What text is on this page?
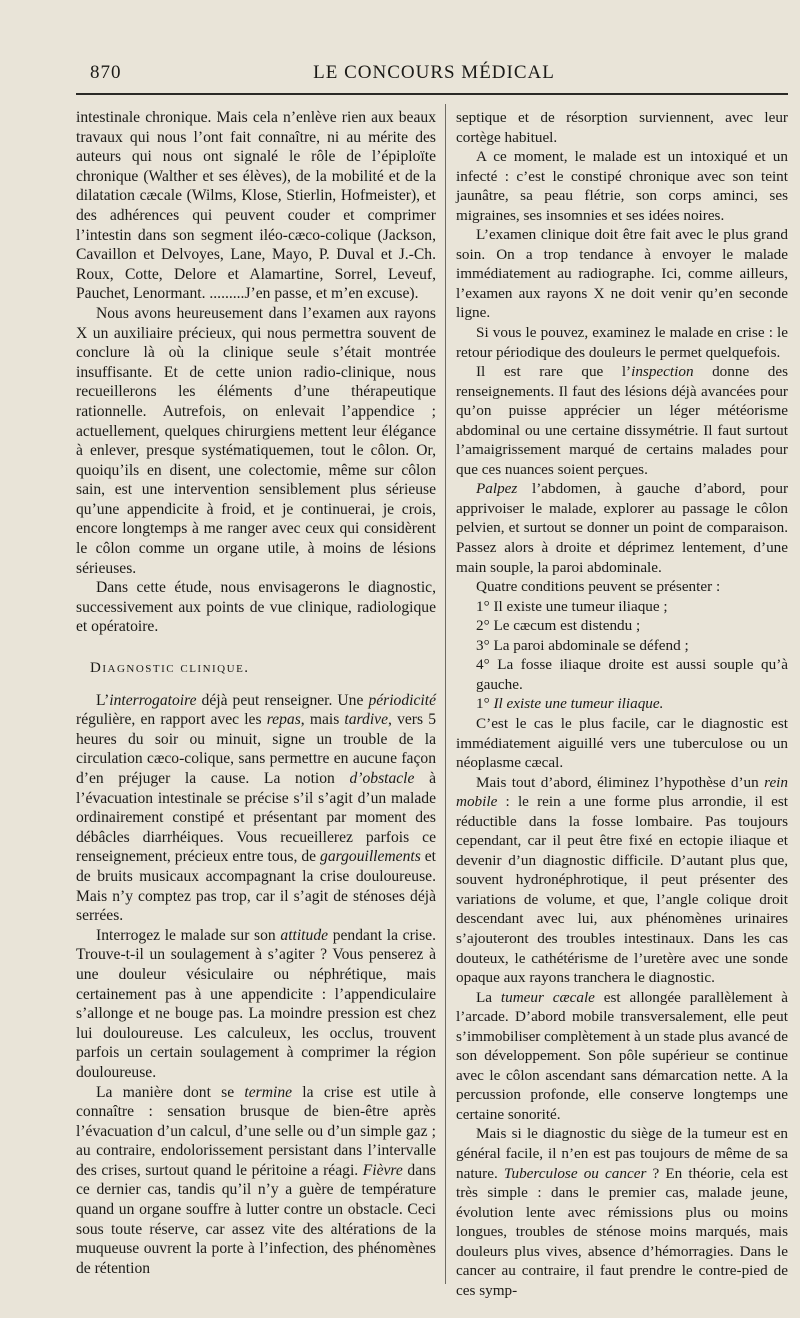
870	LE CONCOURS MÉDICAL

intestinale chronique. Mais cela n’enlève rien aux beaux travaux qui nous l’ont fait connaître, ni au mérite des auteurs qui nous ont signalé le rôle de l’épiploïte chronique (Walther et ses élèves), de la mobilité et de la dilatation cæcale (Wilms, Klose, Stierlin, Hofmeister), et des adhérences qui peuvent couder et comprimer l’intestin dans son segment iléo-cæco-colique (Jackson, Cavaillon et Delvoyes, Lane, Mayo, P. Duval et J.-Ch. Roux, Cotte, Delore et Alamartine, Sorrel, Leveuf, Pauchet, Lenormant. .........J’en passe, et m’en excuse).

Nous avons heureusement dans l’examen aux rayons X un auxiliaire précieux, qui nous permettra souvent de conclure là où la clinique seule s’était montrée insuffisante. Et de cette union radio-clinique, nous recueillerons les éléments d’une thérapeutique rationnelle. Autrefois, on enlevait l’appendice ; actuellement, quelques chirurgiens mettent leur élégance à enlever, presque systématiquemen, tout le côlon. Or, quoiqu’ils en disent, une colectomie, même sur côlon sain, est une intervention sensiblement plus sérieuse qu’une appendicite à froid, et je continuerai, je crois, encore longtemps à me ranger avec ceux qui considèrent le côlon comme un organe utile, à moins de lésions sérieuses.

Dans cette étude, nous envisagerons le diagnostic, successivement aux points de vue clinique, radiologique et opératoire.

Diagnostic clinique.

L’interrogatoire déjà peut renseigner. Une périodicité régulière, en rapport avec les repas, mais tardive, vers 5 heures du soir ou minuit, signe un trouble de la circulation cæco-colique, sans permettre en aucune façon d’en préjuger la cause. La notion d’obstacle à l’évacuation intestinale se précise s’il s’agit d’un malade ordinairement constipé et présentant par moment des débâcles diarrhéiques. Vous recueillerez parfois ce renseignement, précieux entre tous, de gargouillements et de bruits musicaux accompagnant la crise douloureuse. Mais n’y comptez pas trop, car il s’agit de sténoses déjà serrées.

Interrogez le malade sur son attitude pendant la crise. Trouve-t-il un soulagement à s’agiter ? Vous penserez à une douleur vésiculaire ou néphrétique, mais certainement pas à une appendicite : l’appendiculaire s’allonge et ne bouge pas. La moindre pression est chez lui douloureuse. Les calculeux, les occlus, trouvent parfois un certain soulagement à comprimer la région douloureuse.

La manière dont se termine la crise est utile à connaître : sensation brusque de bien-être après l’évacuation d’un calcul, d’une selle ou d’un simple gaz ; au contraire, endolorissement persistant dans l’intervalle des crises, surtout quand le péritoine a réagi. Fièvre dans ce dernier cas, tandis qu’il n’y a guère de température quand un organe souffre à lutter contre un obstacle. Ceci sous toute réserve, car assez vite des altérations de la muqueuse ouvrent la porte à l’infection, des phénomènes de rétention

septique et de résorption surviennent, avec leur cortège habituel.

A ce moment, le malade est un intoxiqué et un infecté : c’est le constipé chronique avec son teint jaunâtre, sa peau flétrie, son corps aminci, ses migraines, ses insomnies et ses idées noires.

L’examen clinique doit être fait avec le plus grand soin. On a trop tendance à envoyer le malade immédiatement au radiographe. Ici, comme ailleurs, l’examen aux rayons X ne doit venir qu’en seconde ligne.

Si vous le pouvez, examinez le malade en crise : le retour périodique des douleurs le permet quelquefois.

Il est rare que l’inspection donne des renseignements. Il faut des lésions déjà avancées pour qu’on puisse apprécier un léger météorisme abdominal ou une certaine dissymétrie. Il faut surtout l’amaigrissement marqué de certains malades pour que ces nuances soient perçues.

Palpez l’abdomen, à gauche d’abord, pour apprivoiser le malade, explorer au passage le côlon pelvien, et surtout se donner un point de comparaison. Passez alors à droite et déprimez lentement, d’une main souple, la paroi abdominale.

Quatre conditions peuvent se présenter :

1° Il existe une tumeur iliaque ;

2° Le cæcum est distendu ;

3° La paroi abdominale se défend ;

4° La fosse iliaque droite est aussi souple qu’à gauche.

1° Il existe une tumeur iliaque.

C’est le cas le plus facile, car le diagnostic est immédiatement aiguillé vers une tuberculose ou un néoplasme cæcal.

Mais tout d’abord, éliminez l’hypothèse d’un rein mobile : le rein a une forme plus arrondie, il est réductible dans la fosse lombaire. Pas toujours cependant, car il peut être fixé en ectopie iliaque et devenir d’un diagnostic difficile. D’autant plus que, souvent hydronéphrotique, il peut présenter des variations de volume, et que, l’angle colique droit descendant avec lui, aux phénomènes urinaires s’ajouteront des troubles intestinaux. Dans les cas douteux, le cathétérisme de l’uretère avec une sonde opaque aux rayons tranchera le diagnostic.

La tumeur cæcale est allongée parallèlement à l’arcade. D’abord mobile transversalement, elle peut s’immobiliser complètement à un stade plus avancé de son développement. Son pôle supérieur se continue avec le côlon ascendant sans démarcation nette. A la percussion profonde, elle conserve longtemps une certaine sonorité.

Mais si le diagnostic du siège de la tumeur est en général facile, il n’en est pas toujours de même de sa nature. Tuberculose ou cancer ? En théorie, cela est très simple : dans le premier cas, malade jeune, évolution lente avec rémissions plus ou moins longues, troubles de sténose moins marqués, mais douleurs plus vives, absence d’hémorragies. Dans le cancer au contraire, il faut prendre le contre-pied de ces symp-
